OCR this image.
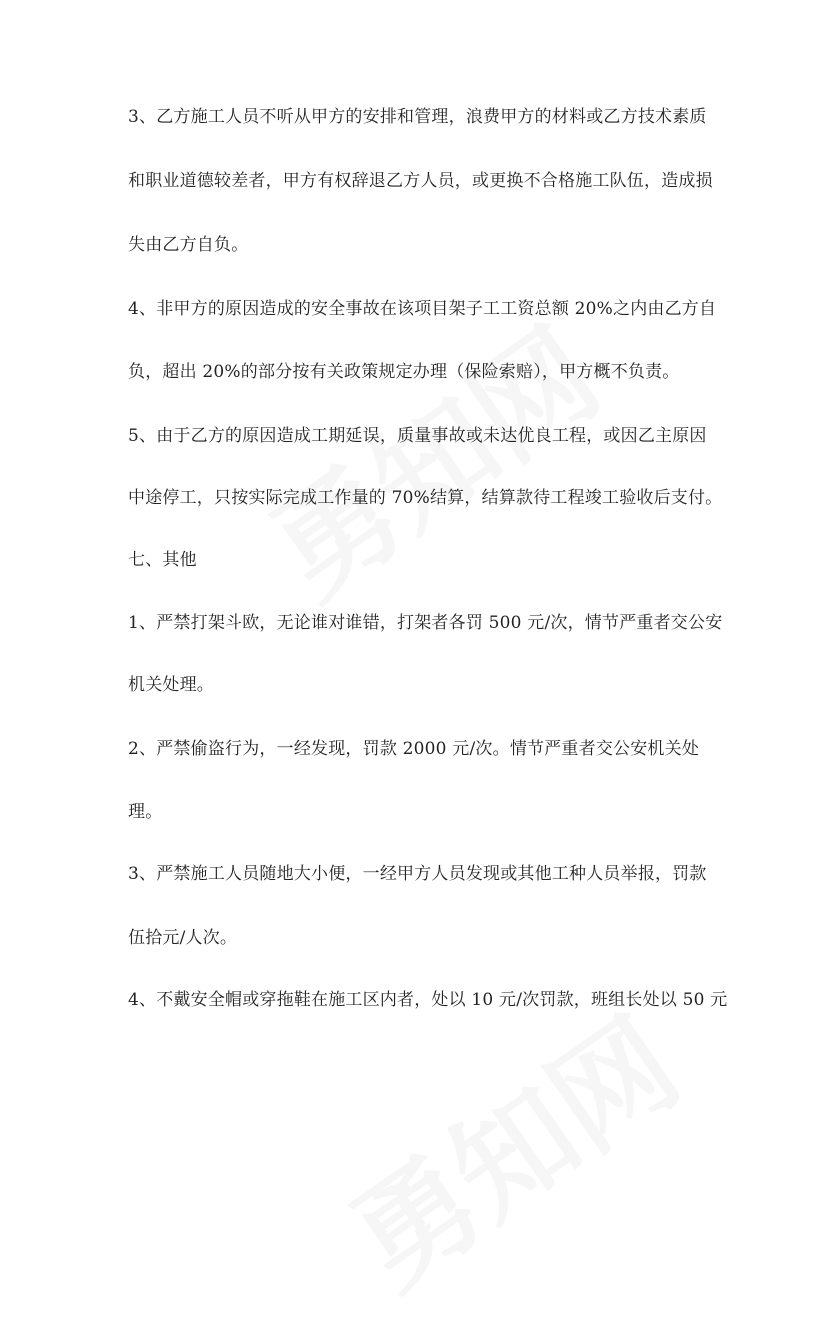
3、乙方施工人员不听从甲方的安排和管理，浪费甲方的材料或乙方技术素质
和职业道德较差者，甲方有权辞退乙方人员，或更换不合格施工队伍，造成损
失由乙方自负。
4、非甲方的原因造成的安全事故在该项目架子工工资总额 20%之内由乙方自
负，超出 20%的部分按有关政策规定办理（保险索赔），甲方概不负责。
5、由于乙方的原因造成工期延误，质量事故或未达优良工程，或因乙主原因
中途停工，只按实际完成工作量的 70%结算，结算款待工程竣工验收后支付。
七、其他
1、严禁打架斗欧，无论谁对谁错，打架者各罚 500 元/次，情节严重者交公安
机关处理。
2、严禁偷盗行为，一经发现，罚款 2000 元/次。情节严重者交公安机关处
理。
3、严禁施工人员随地大小便，一经甲方人员发现或其他工种人员举报，罚款
伍拾元/人次。
4、不戴安全帽或穿拖鞋在施工区内者，处以 10 元/次罚款，班组长处以 50 元
